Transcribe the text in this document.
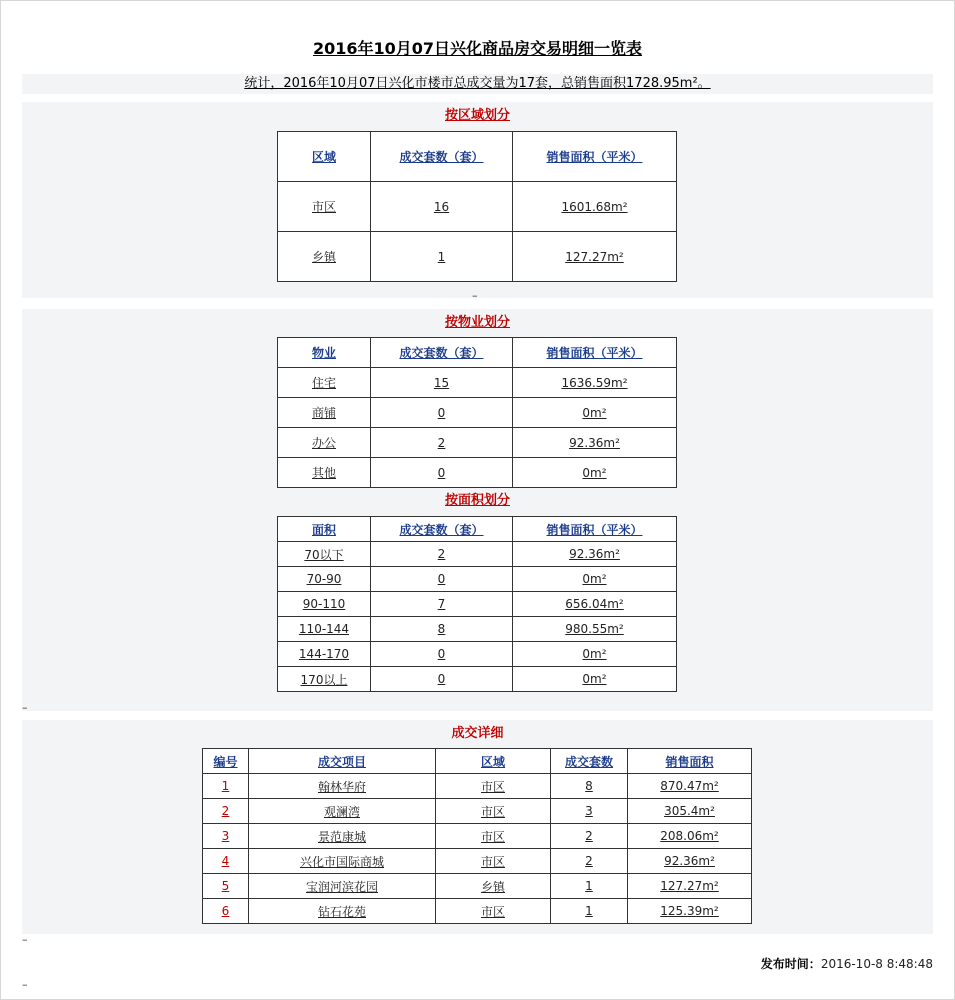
2016年10月07日兴化商品房交易明细一览表
统计，2016年10月07日兴化市楼市总成交量为17套，总销售面积1728.95m²。
按区域划分
区域	成交套数（套）	销售面积（平米）
市区	16	1601.68m²
乡镇	1	127.27m²
–
按物业划分
物业	成交套数（套）	销售面积（平米）
住宅	15	1636.59m²
商铺	0	0m²
办公	2	92.36m²
其他	0	0m²
按面积划分
面积	成交套数（套）	销售面积（平米）
70以下	2	92.36m²
70-90	0	0m²
90-110	7	656.04m²
110-144	8	980.55m²
144-170	0	0m²
170以上	0	0m²
–
成交详细
编号	成交项目	区域	成交套数	销售面积
1	翰林华府	市区	8	870.47m²
2	观澜湾	市区	3	305.4m²
3	景范康城	市区	2	208.06m²
4	兴化市国际商城	市区	2	92.36m²
5	宝润河滨花园	乡镇	1	127.27m²
6	钻石花苑	市区	1	125.39m²
–
发布时间：2016-10-8 8:48:48
–
